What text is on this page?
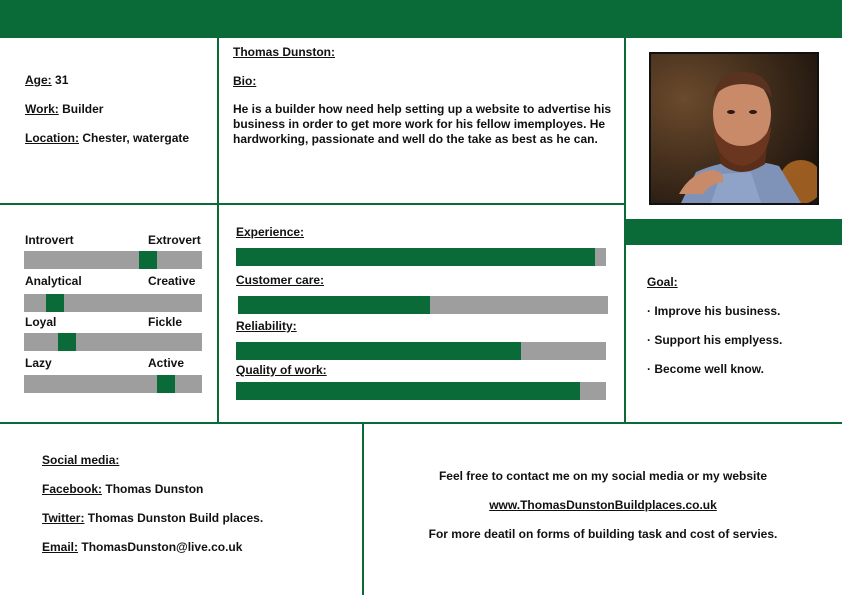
Age: 31
Work: Builder
Location: Chester, watergate
Thomas Dunston:
Bio:
He is a builder how need help setting up a website to advertise his business in order to get more work for his fellow imemployes. He hardworking, passionate and well do the take as best as he can.
Introvert	Extrovert
Analytical	Creative
Loyal	Fickle
Lazy	Active
Experience:
Customer care:
Reliability:
Quality of work:
Goal:
· Improve his business.
· Support his emplyess.
· Become well know.
Social media:
Facebook: Thomas Dunston
Twitter: Thomas Dunston Build places.
Email: ThomasDunston@live.co.uk
Feel free to contact me on my social media or my website
www.ThomasDunstonBuildplaces.co.uk
For more deatil on forms of building task and cost of servies.
